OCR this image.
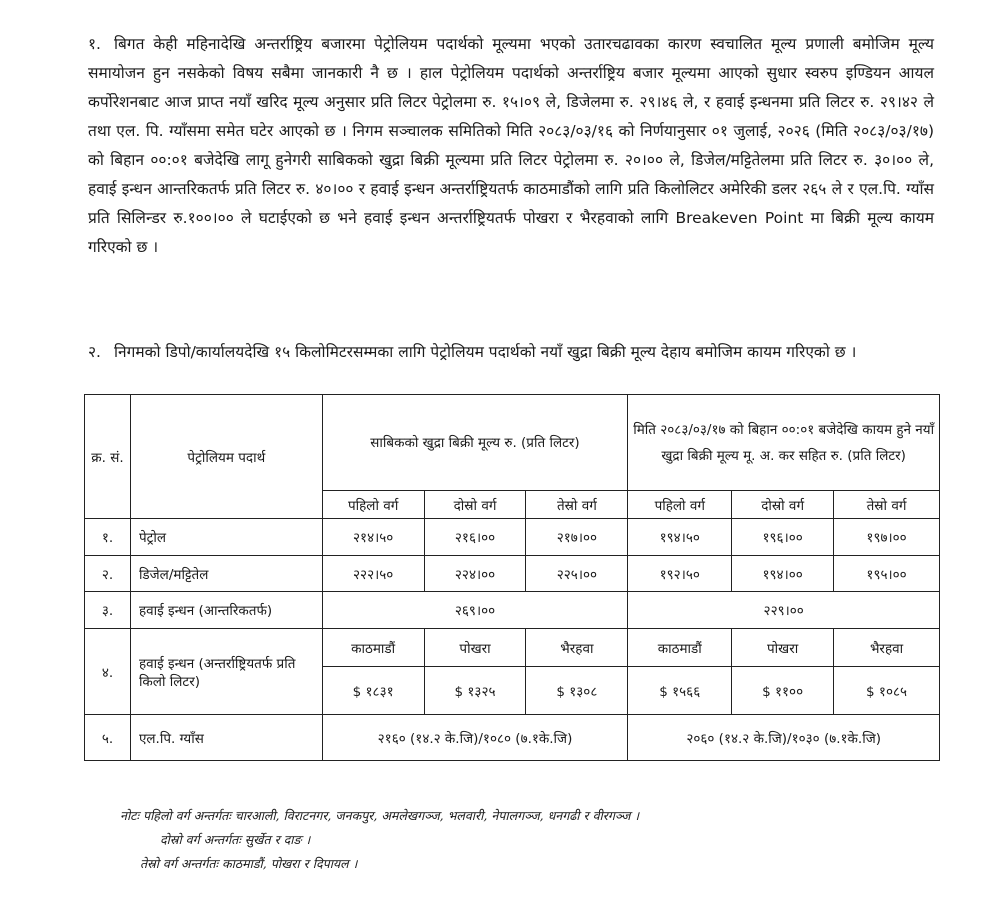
१. बिगत केही महिनादेखि अन्तर्राष्ट्रिय बजारमा पेट्रोलियम पदार्थको मूल्यमा भएको उतारचढावका कारण स्वचालित मूल्य प्रणाली बमोजिम मूल्य समायोजन हुन नसकेको विषय सबैमा जानकारी नै छ । हाल पेट्रोलियम पदार्थको अन्तर्राष्ट्रिय बजार मूल्यमा आएको सुधार स्वरुप इण्डियन आयल कर्पोरेशनबाट आज प्राप्त नयाँ खरिद मूल्य अनुसार प्रति लिटर पेट्रोलमा रु. १५।०९ ले, डिजेलमा रु. २९।४६ ले, र हवाई इन्धनमा प्रति लिटर रु. २९।४२ ले तथा एल. पि. ग्याँसमा समेत घटेर आएको छ । निगम सञ्चालक समितिको मिति २०८३/०३/१६ को निर्णयानुसार ०१ जुलाई, २०२६ (मिति २०८३/०३/१७) को बिहान ००:०१ बजेदेखि लागू हुनेगरी साबिकको खुद्रा बिक्री मूल्यमा प्रति लिटर पेट्रोलमा रु. २०।०० ले, डिजेल/मट्टितेलमा प्रति लिटर रु. ३०।०० ले, हवाई इन्धन आन्तरिकतर्फ प्रति लिटर रु. ४०।०० र हवाई इन्धन अन्तर्राष्ट्रियतर्फ काठमाडौंको लागि प्रति किलोलिटर अमेरिकी डलर २६५ ले र एल.पि. ग्याँस प्रति सिलिन्डर रु.१००।०० ले घटाईएको छ भने हवाई इन्धन अन्तर्राष्ट्रियतर्फ पोखरा र भैरहवाको लागि Breakeven Point मा बिक्री मूल्य कायम गरिएको छ ।
२. निगमको डिपो/कार्यालयदेखि १५ किलोमिटरसम्मका लागि पेट्रोलियम पदार्थको नयाँ खुद्रा बिक्री मूल्य देहाय बमोजिम कायम गरिएको छ ।
क्र. सं.	पेट्रोलियम पदार्थ	साबिकको खुद्रा बिक्री मूल्य रु. (प्रति लिटर)			मिति २०८३/०३/१७ को बिहान ००:०१ बजेदेखि कायम हुने नयाँ खुद्रा बिक्री मूल्य मू. अ. कर सहित रु. (प्रति लिटर)		
		पहिलो वर्ग	दोस्रो वर्ग	तेस्रो वर्ग	पहिलो वर्ग	दोस्रो वर्ग	तेस्रो वर्ग
१.	पेट्रोल	२१४।५०	२१६।००	२१७।००	१९४।५०	१९६।००	१९७।००
२.	डिजेल/मट्टितेल	२२२।५०	२२४।००	२२५।००	१९२।५०	१९४।००	१९५।००
३.	हवाई इन्धन (आन्तरिकतर्फ)	२६९।००			२२९।००		
४.	हवाई इन्धन (अन्तर्राष्ट्रियतर्फ प्रति किलो लिटर)	काठमाडौं	पोखरा	भैरहवा	काठमाडौं	पोखरा	भैरहवा
		$ १८३१	$ १३२५	$ १३०८	$ १५६६	$ ११००	$ १०८५
५.	एल.पि. ग्याँस	२१६० (१४.२ के.जि)/१०८० (७.१के.जि)			२०६० (१४.२ के.जि)/१०३० (७.१के.जि)		
नोटः पहिलो वर्ग अन्तर्गतः चारआली, विराटनगर, जनकपुर, अमलेखगञ्ज, भलवारी, नेपालगञ्ज, धनगढी र वीरगञ्ज ।
दोस्रो वर्ग अन्तर्गतः सुर्खेत र दाङ ।
तेस्रो वर्ग अन्तर्गतः काठमाडौं, पोखरा र दिपायल ।
